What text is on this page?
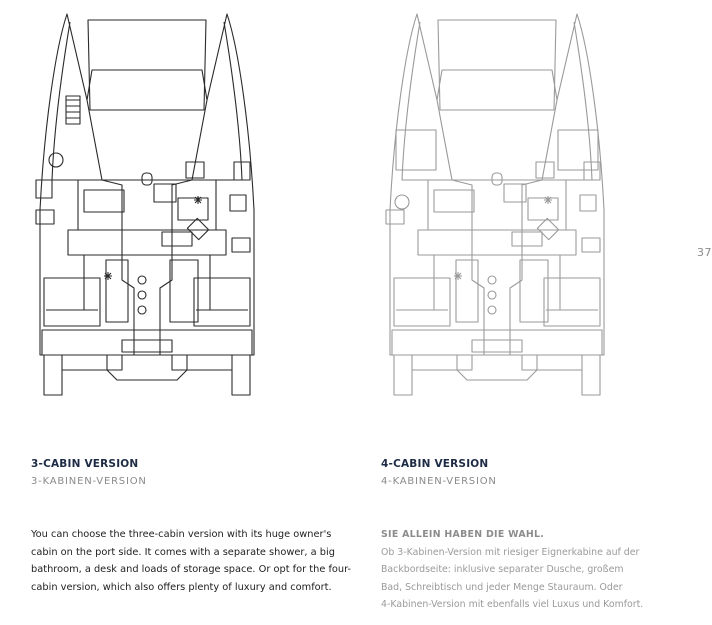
37
3-CABIN VERSION
3-KABINEN-VERSION
4-CABIN VERSION
4-KABINEN-VERSION
You can choose the three-cabin version with its huge owner's
cabin on the port side. It comes with a separate shower, a big
bathroom, a desk and loads of storage space. Or opt for the four-
cabin version, which also offers plenty of luxury and comfort.
SIE ALLEIN HABEN DIE WAHL.
Ob 3-Kabinen-Version mit riesiger Eignerkabine auf der
Backbordseite: inklusive separater Dusche, großem
Bad, Schreibtisch und jeder Menge Stauraum. Oder
4-Kabinen-Version mit ebenfalls viel Luxus und Komfort.
